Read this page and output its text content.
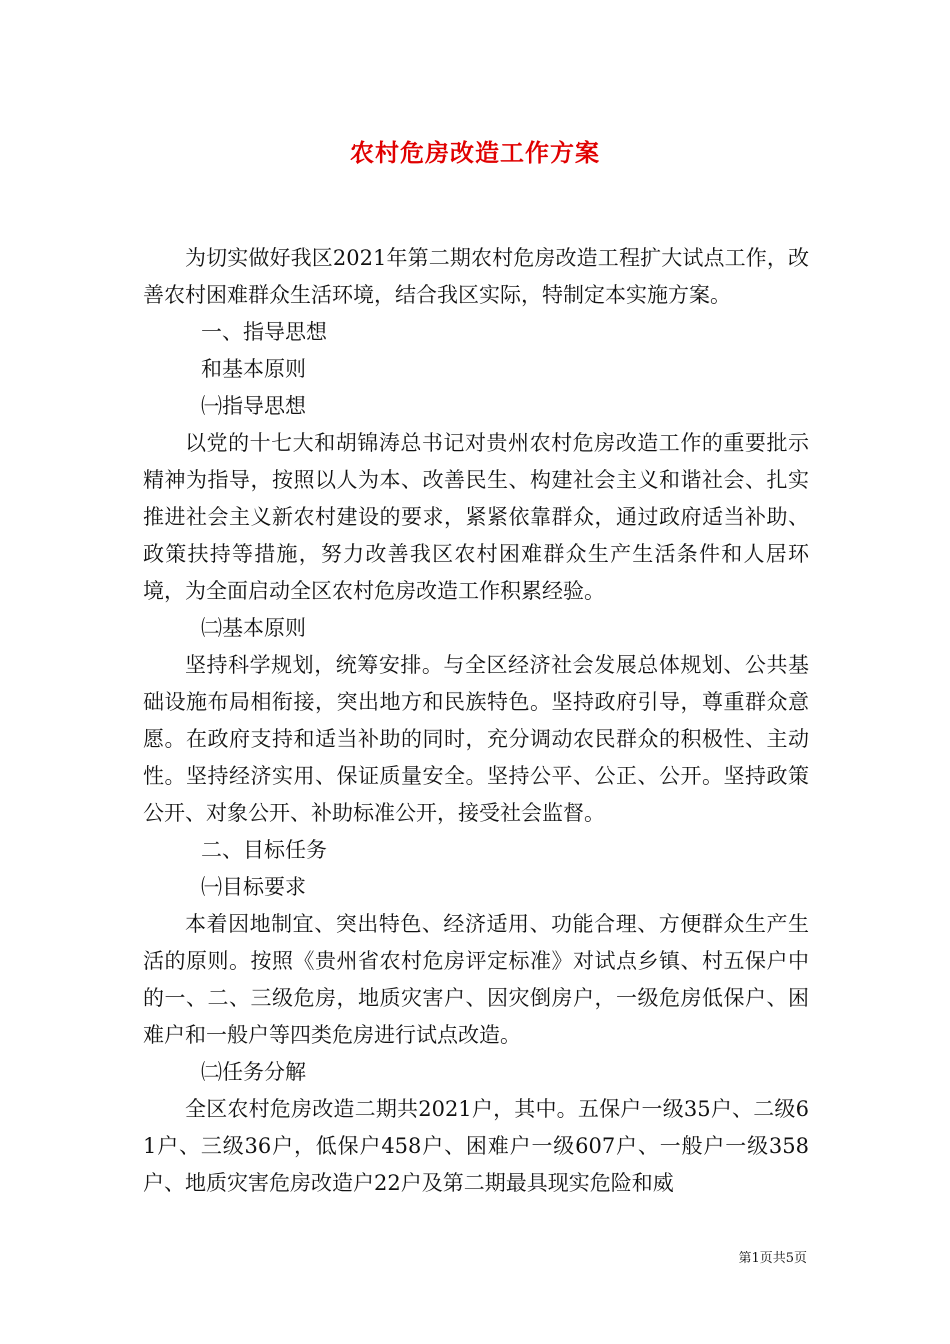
农村危房改造工作方案

为切实做好我区2021年第二期农村危房改造工程扩大试点工作，改善农村困难群众生活环境，结合我区实际，特制定本实施方案。

一、指导思想

和基本原则

㈠指导思想

以党的十七大和胡锦涛总书记对贵州农村危房改造工作的重要批示精神为指导，按照以人为本、改善民生、构建社会主义和谐社会、扎实推进社会主义新农村建设的要求，紧紧依靠群众，通过政府适当补助、政策扶持等措施，努力改善我区农村困难群众生产生活条件和人居环境，为全面启动全区农村危房改造工作积累经验。

㈡基本原则

坚持科学规划，统筹安排。与全区经济社会发展总体规划、公共基础设施布局相衔接，突出地方和民族特色。坚持政府引导，尊重群众意愿。在政府支持和适当补助的同时，充分调动农民群众的积极性、主动性。坚持经济实用、保证质量安全。坚持公平、公正、公开。坚持政策公开、对象公开、补助标准公开，接受社会监督。

二、目标任务

㈠目标要求

本着因地制宜、突出特色、经济适用、功能合理、方便群众生产生活的原则。按照《贵州省农村危房评定标准》对试点乡镇、村五保户中的一、二、三级危房，地质灾害户、因灾倒房户，一级危房低保户、困难户和一般户等四类危房进行试点改造。

㈡任务分解

全区农村危房改造二期共2021户，其中。五保户一级35户、二级61户、三级36户，低保户458户、困难户一级607户、一般户一级358户、地质灾害危房改造户22户及第二期最具现实危险和威

第1页共5页
